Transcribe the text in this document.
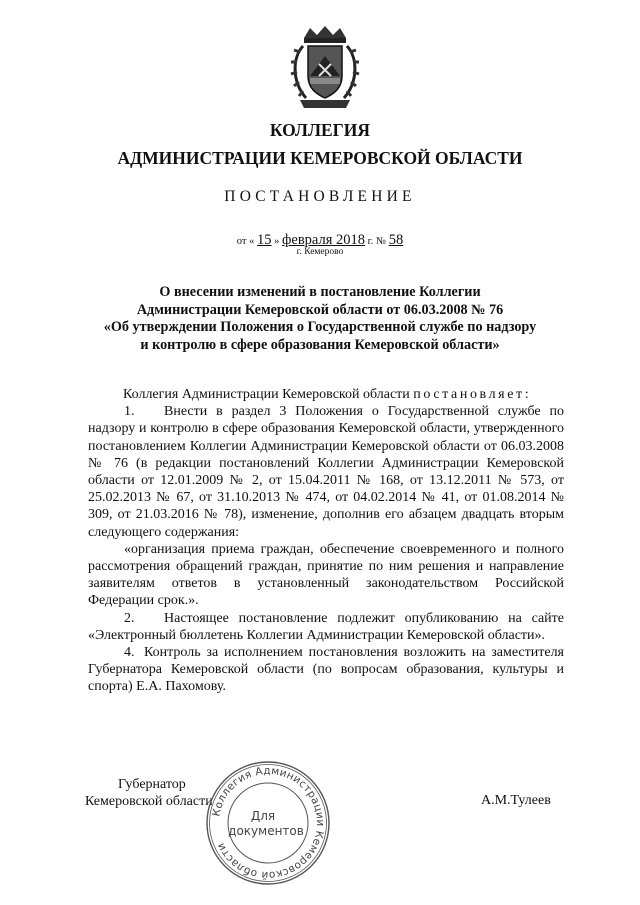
КОЛЛЕГИЯ
АДМИНИСТРАЦИИ КЕМЕРОВСКОЙ ОБЛАСТИ
ПОСТАНОВЛЕНИЕ
от « 15 » февраля 2018 г. № 58
г. Кемерово
О внесении изменений в постановление Коллегии
Администрации Кемеровской области от 06.03.2008 № 76
«Об утверждении Положения о Государственной службе по надзору
и контролю в сфере образования Кемеровской области»

Коллегия Администрации Кемеровской области постановляет:

1. Внести в раздел 3 Положения о Государственной службе по надзору и контролю в сфере образования Кемеровской области, утвержденного постановлением Коллегии Администрации Кемеровской области от 06.03.2008 № 76 (в редакции постановлений Коллегии Администрации Кемеровской области от 12.01.2009 № 2, от 15.04.2011 № 168, от 13.12.2011 № 573, от 25.02.2013 № 67, от 31.10.2013 № 474, от 04.02.2014 № 41, от 01.08.2014 № 309, от 21.03.2016 № 78), изменение, дополнив его абзацем двадцать вторым следующего содержания:

«организация приема граждан, обеспечение своевременного и полного рассмотрения обращений граждан, принятие по ним решения и направление заявителям ответов в установленный законодательством Российской Федерации срок.».

2. Настоящее постановление подлежит опубликованию на сайте «Электронный бюллетень Коллегии Администрации Кемеровской области».

4. Контроль за исполнением постановления возложить на заместителя Губернатора Кемеровской области (по вопросам образования, культуры и спорта) Е.А. Пахомову.

Губернатор
Кемеровской области	А.М.Тулеев
Коллегия Администрации Кемеровской области
Для
документов
